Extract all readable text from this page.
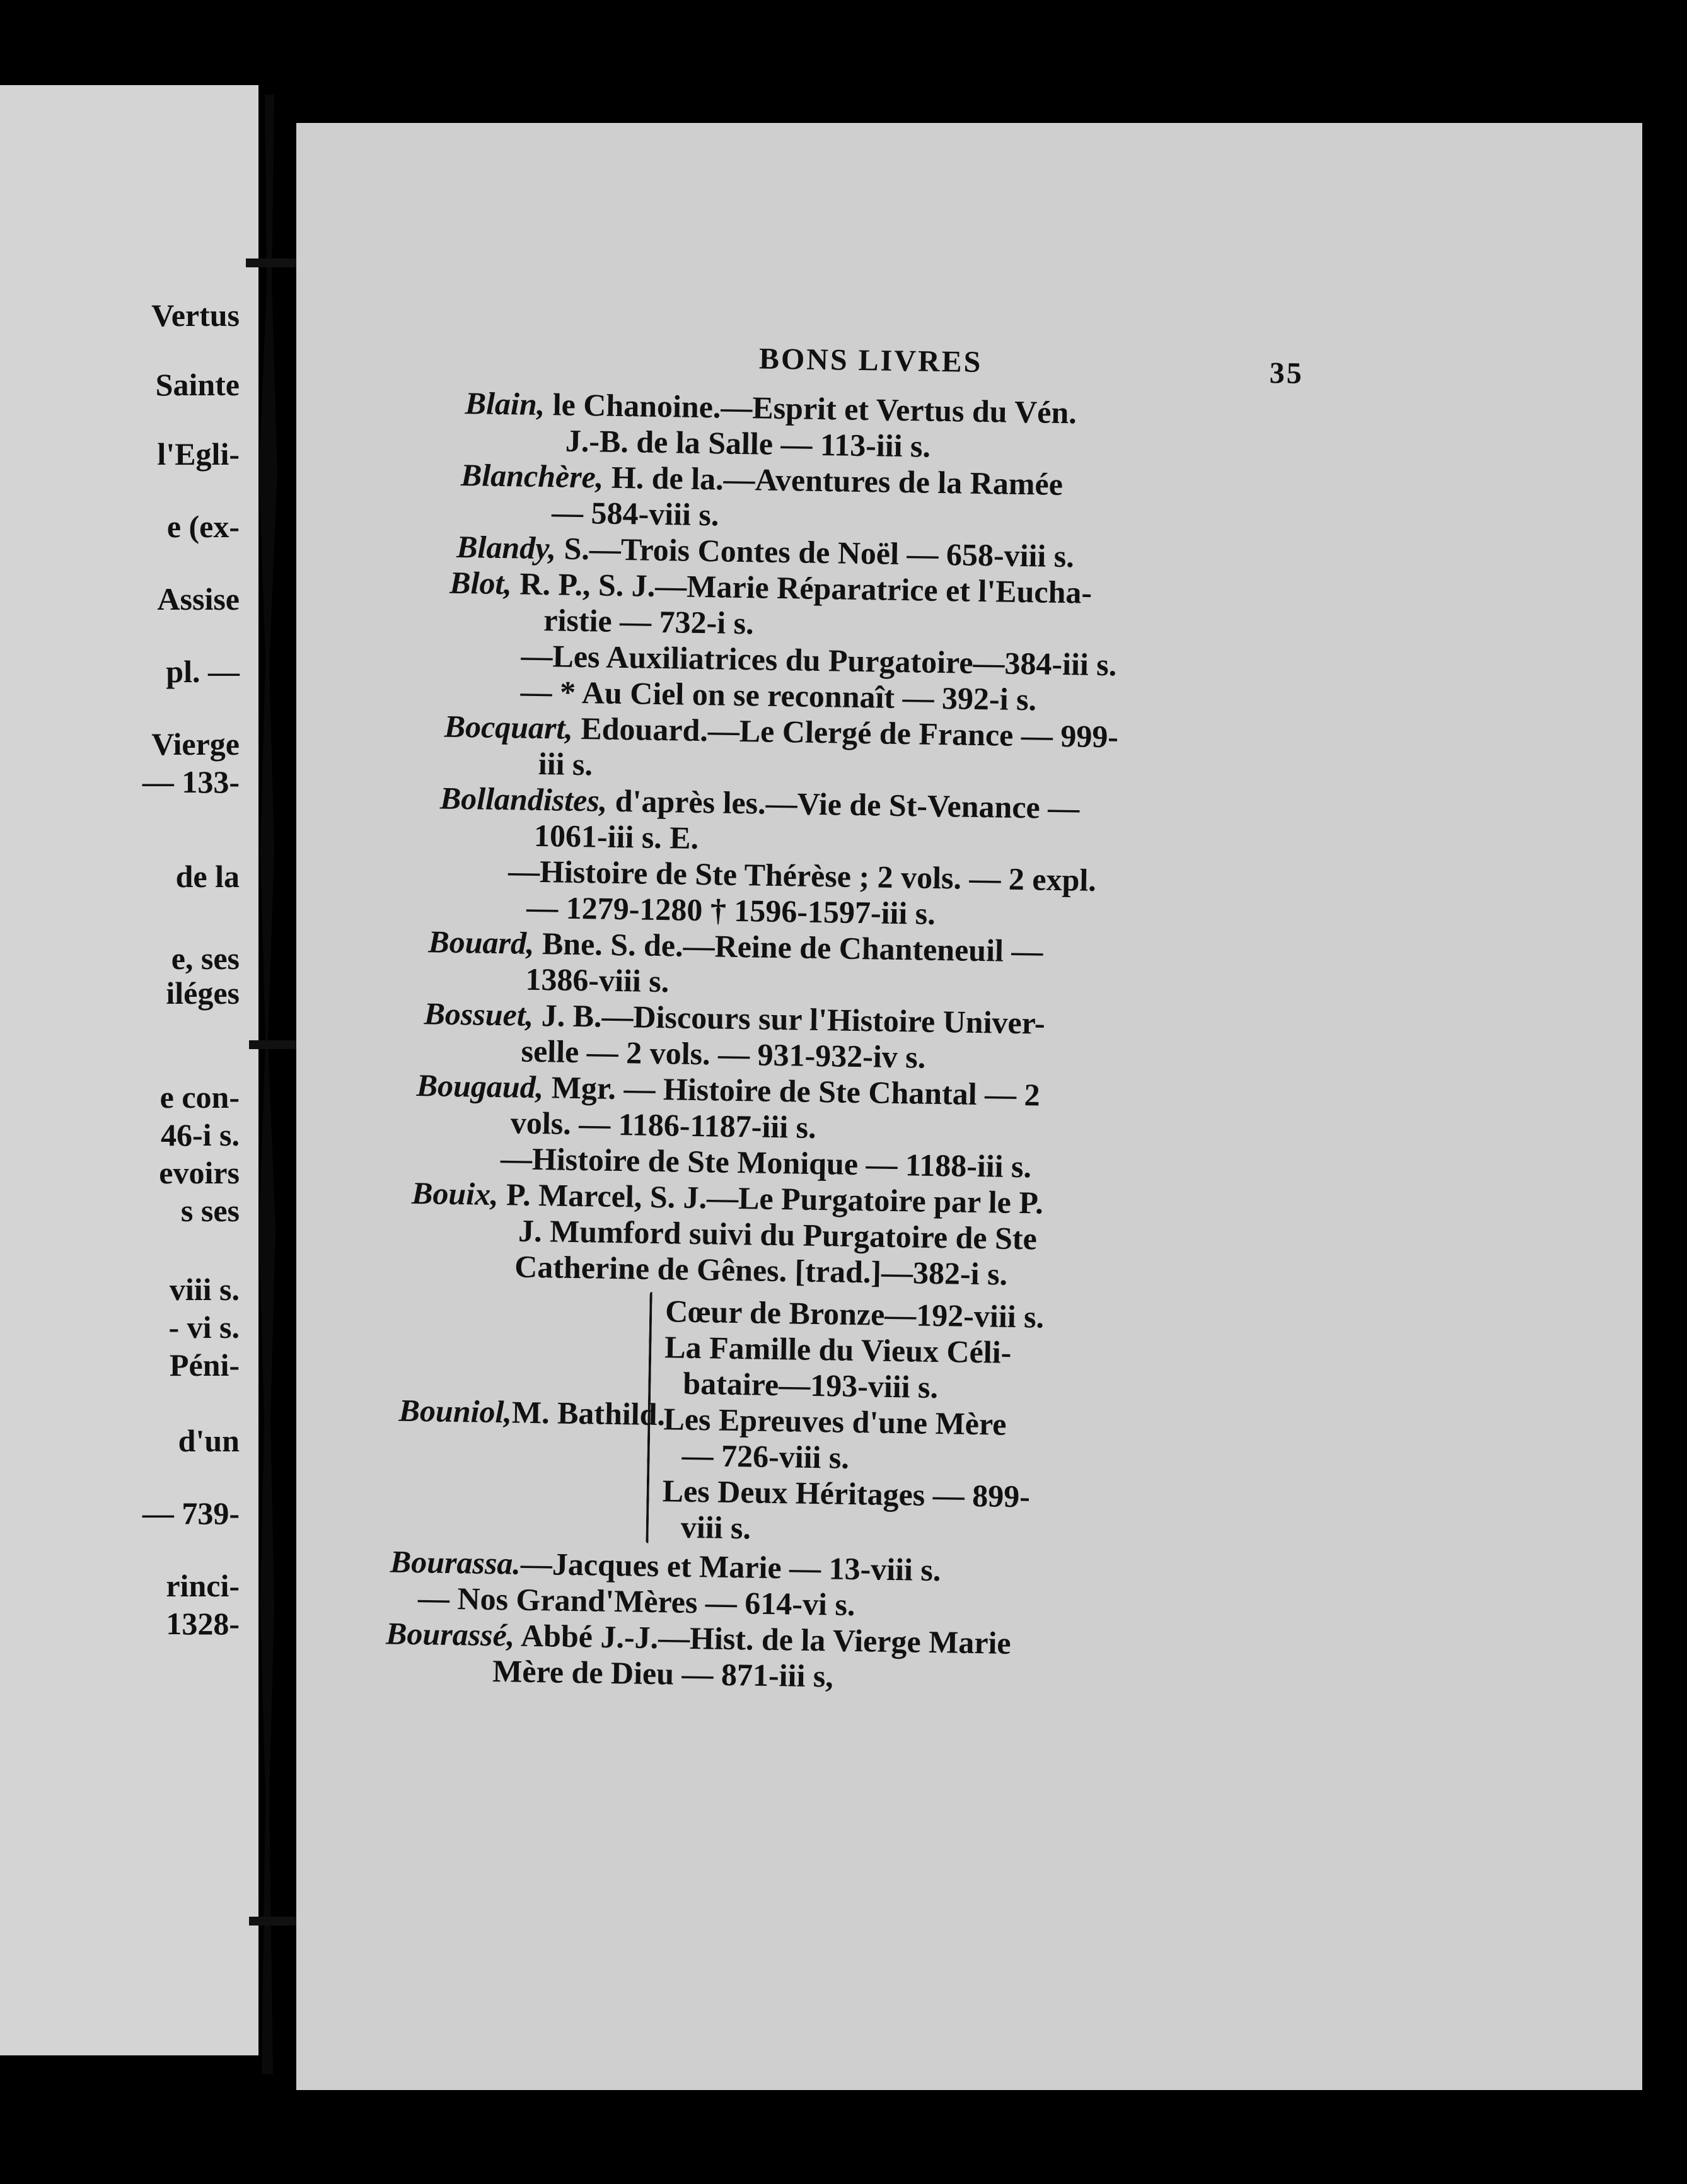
Vertus
Sainte
l'Egli-
e (ex-
Assise
pl. —
Vierge
— 133-
de la
e, ses
iléges
e con-
46-i s.
evoirs
s ses
viii s.
- vi s.
Péni-
d'un
— 739-
rinci-
1328-
BONS LIVRES	35
Blain, le Chanoine.—Esprit et Vertus du Vén.
J.-B. de la Salle — 113-iii s.
Blanchère, H. de la.—Aventures de la Ramée
— 584-viii s.
Blandy, S.—Trois Contes de Noël — 658-viii s.
Blot, R. P., S. J.—Marie Réparatrice et l'Eucha-
ristie — 732-i s.
—Les Auxiliatrices du Purgatoire—384-iii s.
— * Au Ciel on se reconnaît — 392-i s.
Bocquart, Edouard.—Le Clergé de France — 999-
iii s.
Bollandistes, d'après les.—Vie de St-Venance —
1061-iii s. E.
—Histoire de Ste Thérèse ; 2 vols. — 2 expl.
— 1279-1280 † 1596-1597-iii s.
Bouard, Bne. S. de.—Reine de Chanteneuil —
1386-viii s.
Bossuet, J. B.—Discours sur l'Histoire Univer-
selle — 2 vols. — 931-932-iv s.
Bougaud, Mgr. — Histoire de Ste Chantal — 2
vols. — 1186-1187-iii s.
—Histoire de Ste Monique — 1188-iii s.
Bouix, P. Marcel, S. J.—Le Purgatoire par le P.
J. Mumford suivi du Purgatoire de Ste
Catherine de Gênes. [trad.]—382-i s.
Bouniol,M. Bathild.
Cœur de Bronze—192-viii s.
La Famille du Vieux Céli-
bataire—193-viii s.
Les Epreuves d'une Mère
— 726-viii s.
Les Deux Héritages — 899-
viii s.
Bourassa.—Jacques et Marie — 13-viii s.
— Nos Grand'Mères — 614-vi s.
Bourassé, Abbé J.-J.—Hist. de la Vierge Marie
Mère de Dieu — 871-iii s,
